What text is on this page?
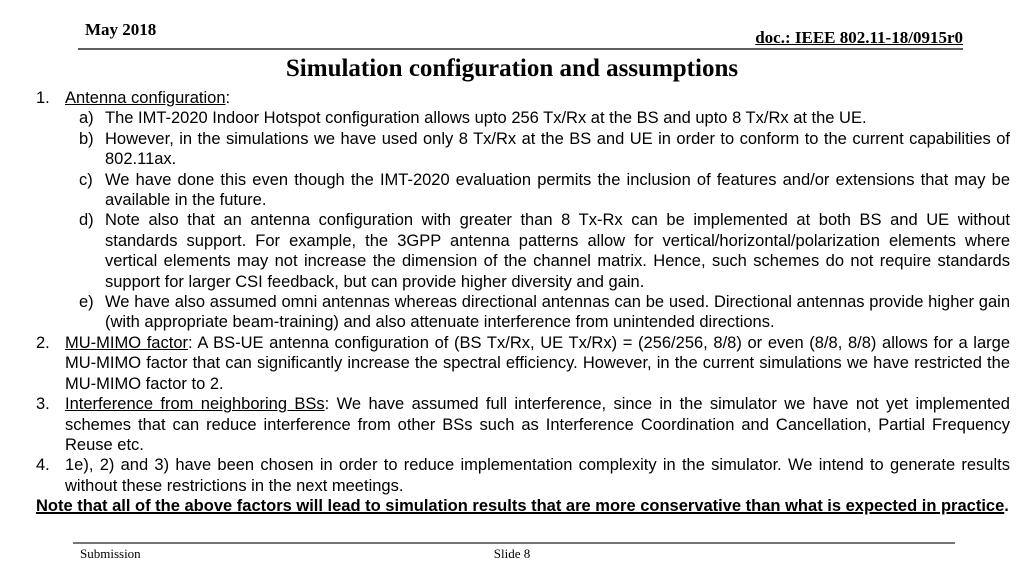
May 2018	doc.: IEEE 802.11-18/0915r0
Simulation configuration and assumptions
1. Antenna configuration:
a) The IMT-2020 Indoor Hotspot configuration allows upto 256 Tx/Rx at the BS and upto 8 Tx/Rx at the UE.
b) However, in the simulations we have used only 8 Tx/Rx at the BS and UE in order to conform to the current capabilities of 802.11ax.
c) We have done this even though the IMT-2020 evaluation permits the inclusion of features and/or extensions that may be available in the future.
d) Note also that an antenna configuration with greater than 8 Tx-Rx can be implemented at both BS and UE without standards support. For example, the 3GPP antenna patterns allow for vertical/horizontal/polarization elements where vertical elements may not increase the dimension of the channel matrix. Hence, such schemes do not require standards support for larger CSI feedback, but can provide higher diversity and gain.
e) We have also assumed omni antennas whereas directional antennas can be used. Directional antennas provide higher gain (with appropriate beam-training) and also attenuate interference from unintended directions.
2. MU-MIMO factor: A BS-UE antenna configuration of (BS Tx/Rx, UE Tx/Rx) = (256/256, 8/8) or even (8/8, 8/8) allows for a large MU-MIMO factor that can significantly increase the spectral efficiency. However, in the current simulations we have restricted the MU-MIMO factor to 2.
3. Interference from neighboring BSs: We have assumed full interference, since in the simulator we have not yet implemented schemes that can reduce interference from other BSs such as Interference Coordination and Cancellation, Partial Frequency Reuse etc.
4. 1e), 2) and 3) have been chosen in order to reduce implementation complexity in the simulator. We intend to generate results without these restrictions in the next meetings.
Note that all of the above factors will lead to simulation results that are more conservative than what is expected in practice.
Submission	Slide 8
